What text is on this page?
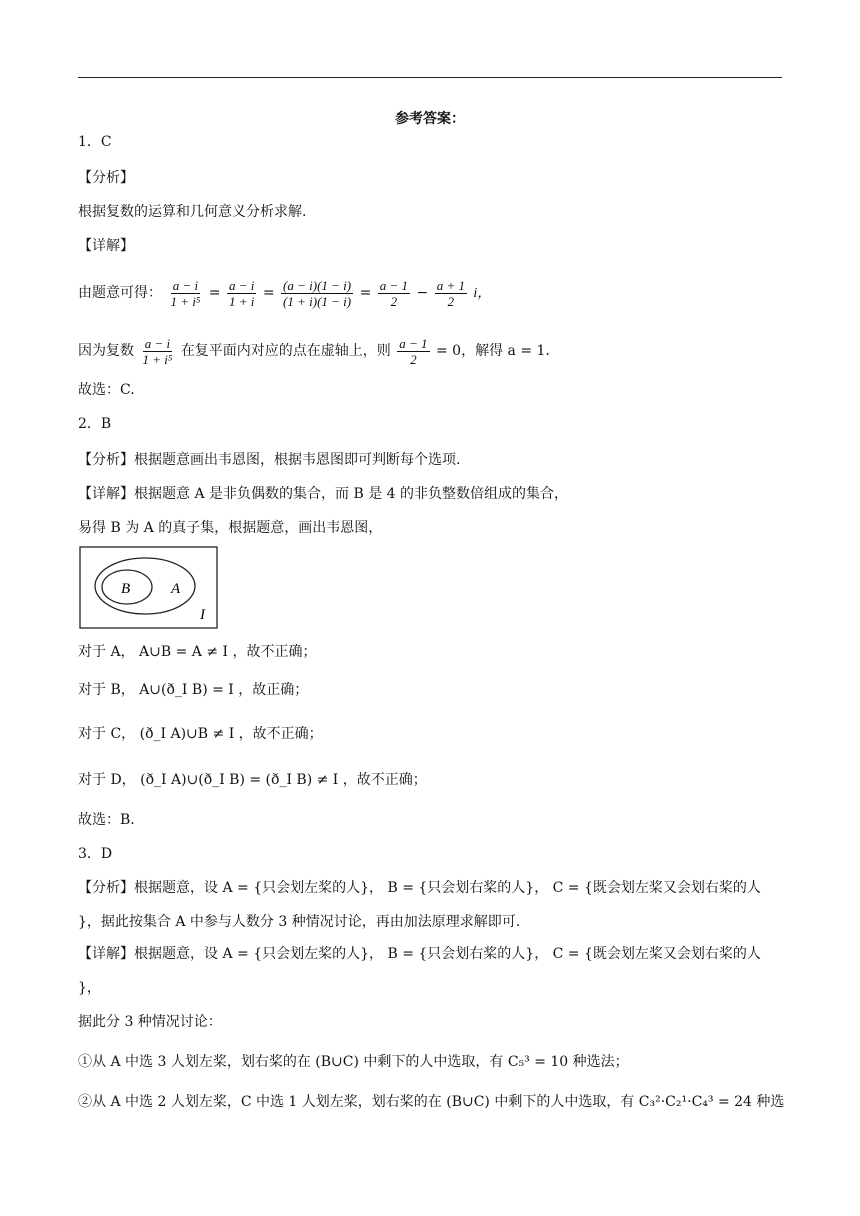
参考答案：
1．C
【分析】
根据复数的运算和几何意义分析求解.
【详解】
由题意可得： $\frac{a - i}{\text{1 + i⁵}} = \frac{a - i}{1 + i} = \frac{(a - i)(1 - i)}{(1 + i)(1 - i)} = \frac{a - 1}{2} - \frac{a + 1}{2}$ i，
因为复数 $\frac{a - i}{\text{1 + i⁵}}$ 在复平面内对应的点在虚轴上，则 $\frac{a - 1}{2} = 0$，解得 a = 1.
故选：C.
2．B
【分析】根据题意画出韦恩图，根据韦恩图即可判断每个选项.
【详解】根据题意 A 是非负偶数的集合，而 B 是 4 的非负整数倍组成的集合，
易得 B 为 A 的真子集，根据题意，画出韦恩图，
B	A
I
对于 A， A∪B = A ≠ I ，故不正确；
对于 B， A∪(ð_I B) = I ，故正确；
对于 C， (ð_I A)∪B ≠ I ，故不正确；
对于 D， (ð_I A)∪(ð_I B) = (ð_I B) ≠ I ，故不正确；
故选：B.
3．D
【分析】根据题意，设 A = {只会划左桨的人}， B = {只会划右桨的人}， C = {既会划左桨又会划右桨的人
}，据此按集合 A 中参与人数分 3 种情况讨论，再由加法原理求解即可.
【详解】根据题意，设 A = {只会划左桨的人}， B = {只会划右桨的人}， C = {既会划左桨又会划右桨的人
}，
据此分 3 种情况讨论：
①从 A 中选 3 人划左桨，划右桨的在 (B∪C) 中剩下的人中选取，有 C₅³ = 10 种选法；
②从 A 中选 2 人划左桨，C 中选 1 人划左桨，划右桨的在 (B∪C) 中剩下的人中选取，有 C₃²·C₂¹·C₄³ = 24 种选
